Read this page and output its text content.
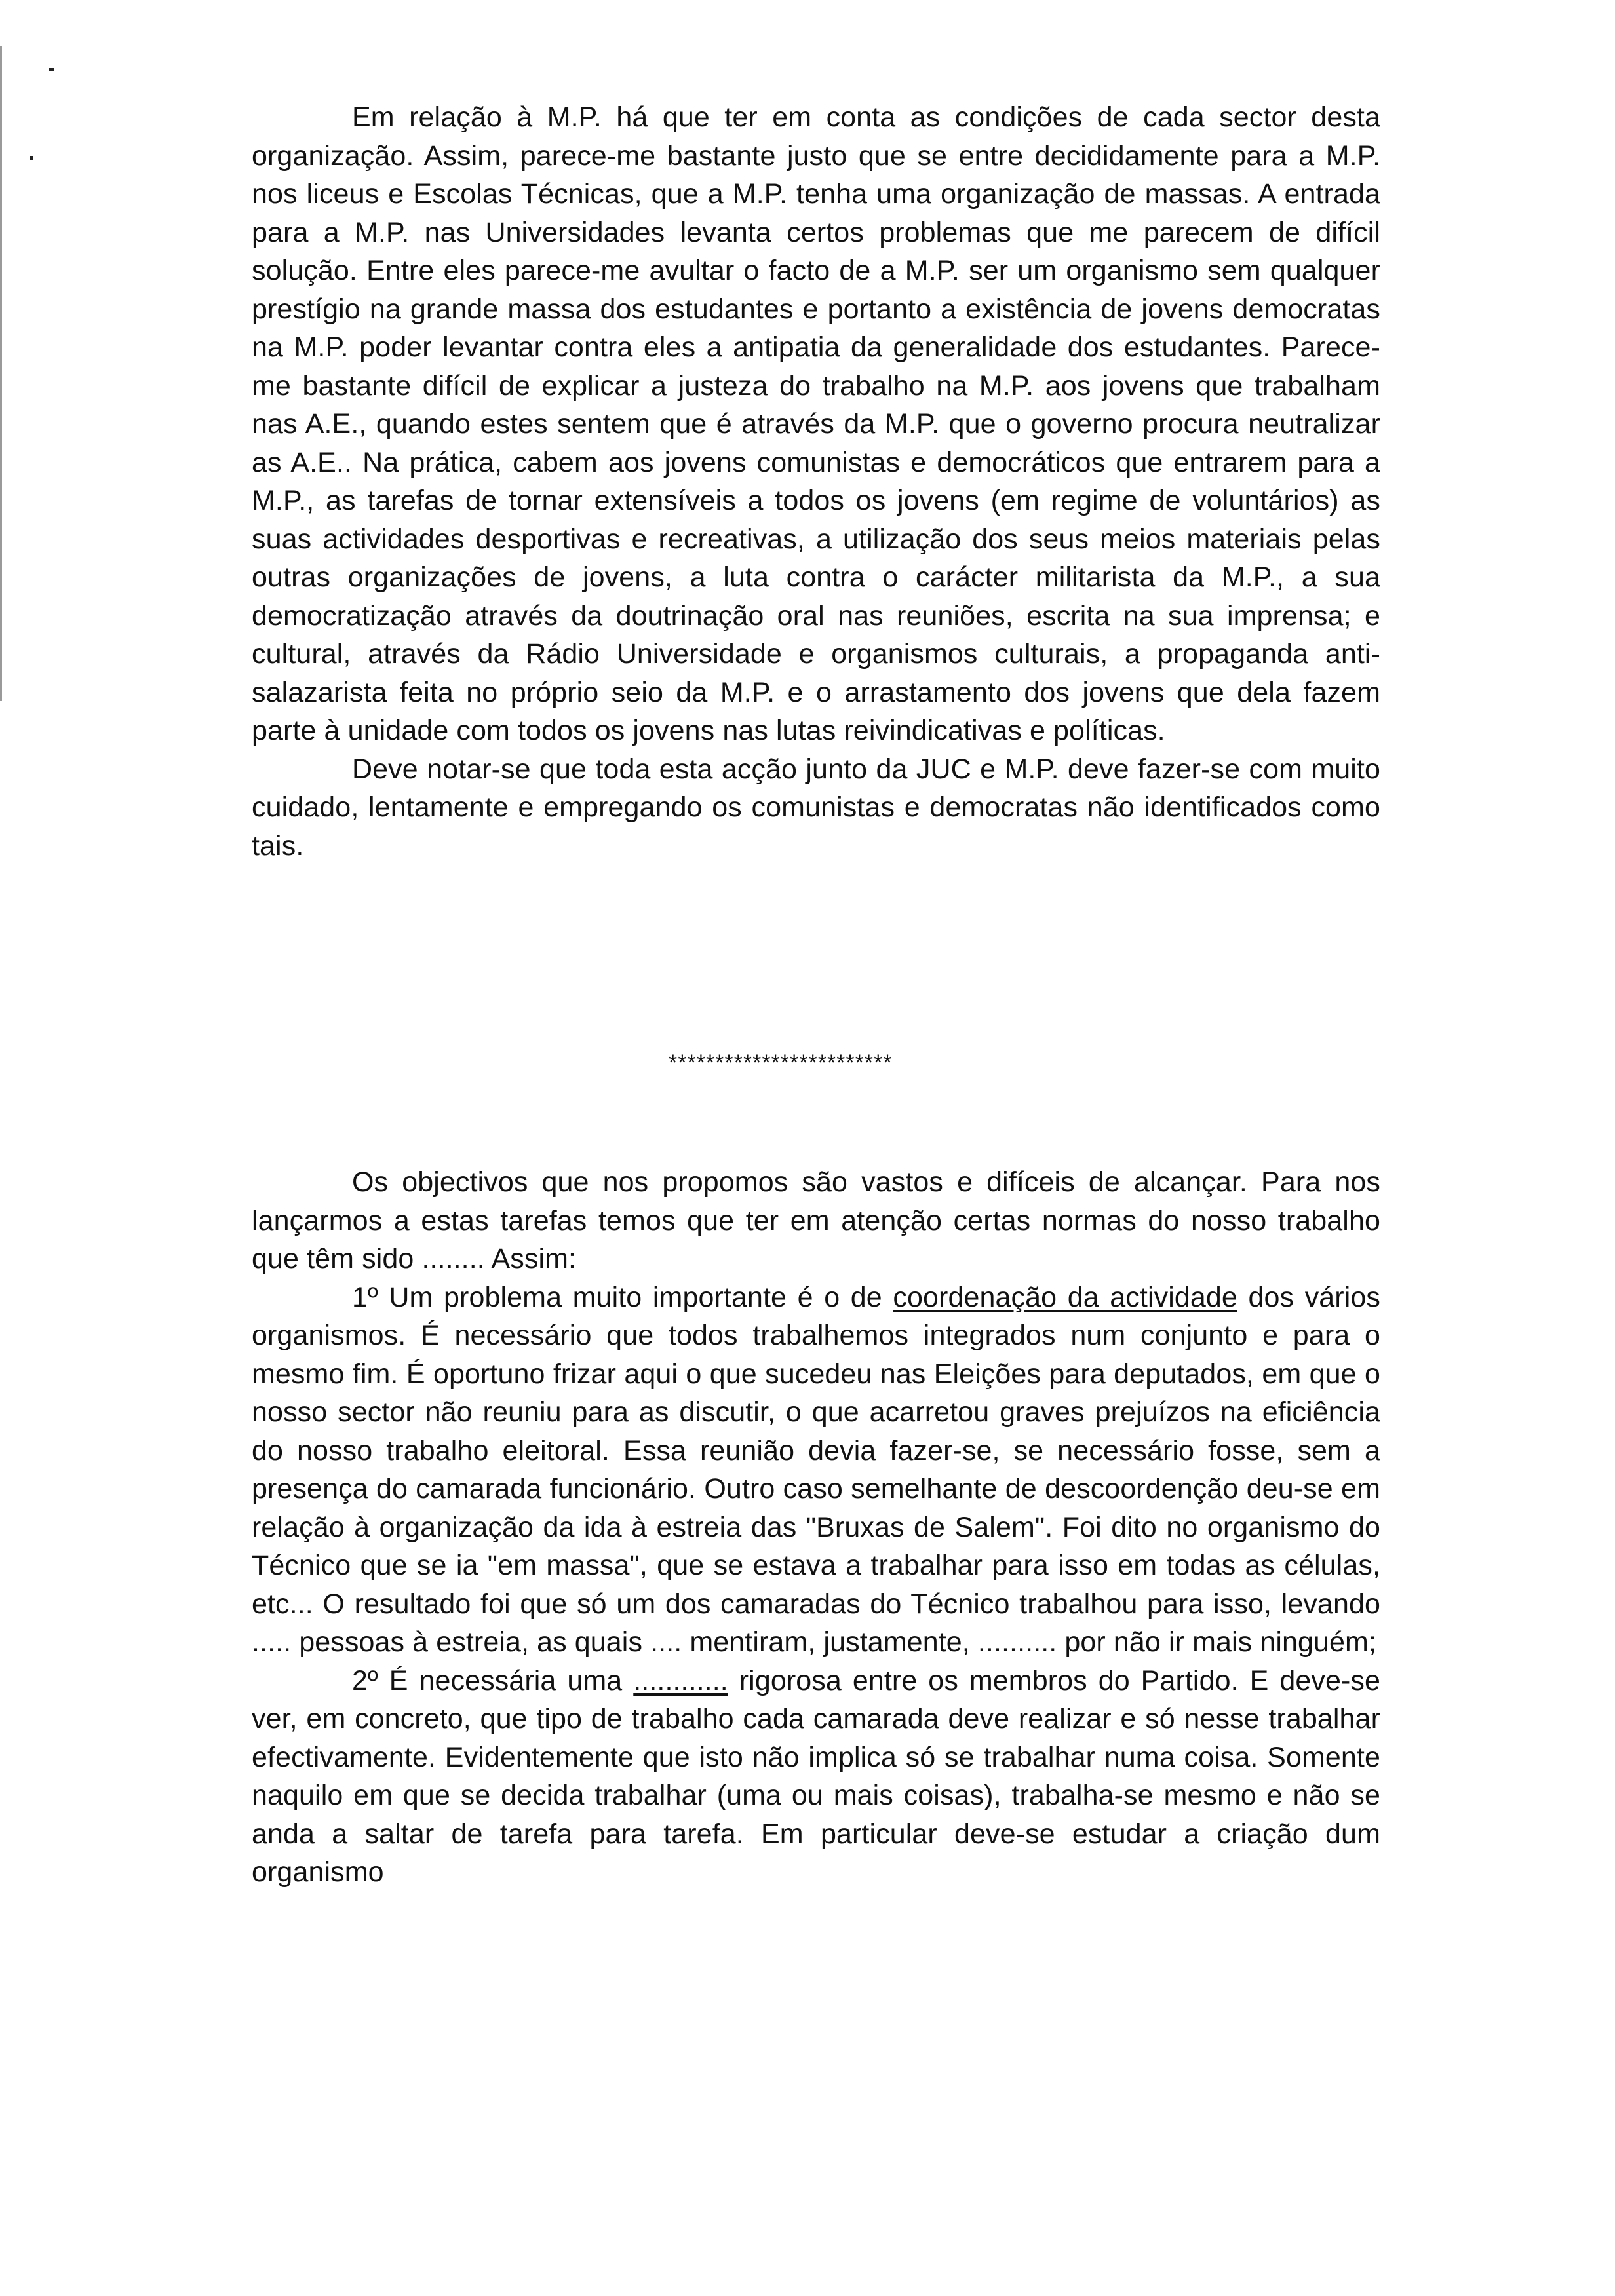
Em relação à M.P. há que ter em conta as condições de cada sector desta organização. Assim, parece-me bastante justo que se entre decididamente para a M.P. nos liceus e Escolas Técnicas, que a M.P. tenha uma organização de massas. A entrada para a M.P. nas Universidades levanta certos problemas que me parecem de difícil solução. Entre eles parece-me avultar o facto de a M.P. ser um organismo sem qualquer prestígio na grande massa dos estudantes e portanto a existência de jovens democratas na M.P. poder levantar contra eles a antipatia da generalidade dos estudantes. Parece-me bastante difícil de explicar a justeza do trabalho na M.P. aos jovens que trabalham nas A.E., quando estes sentem que é através da M.P. que o governo procura neutralizar as A.E.. Na prática, cabem aos jovens comunistas e democráticos que entrarem para a M.P., as tarefas de tornar extensíveis a todos os jovens (em regime de voluntários) as suas actividades desportivas e recreativas, a utilização dos seus meios materiais pelas outras organizações de jovens, a luta contra o carácter militarista da M.P., a sua democratização através da doutrinação oral nas reuniões, escrita na sua imprensa; e cultural, através da Rádio Universidade e organismos culturais, a propaganda anti-salazarista feita no próprio seio da M.P. e o arrastamento dos jovens que dela fazem parte à unidade com todos os jovens nas lutas reivindicativas e políticas.

Deve notar-se que toda esta acção junto da JUC e M.P. deve fazer-se com muito cuidado, lentamente e empregando os comunistas e democratas não identificados como tais.

************************

Os objectivos que nos propomos são vastos e difíceis de alcançar. Para nos lançarmos a estas tarefas temos que ter em atenção certas normas do nosso trabalho que têm sido ........ Assim:

1º Um problema muito importante é o de coordenação da actividade dos vários organismos. É necessário que todos trabalhemos integrados num conjunto e para o mesmo fim. É oportuno frizar aqui o que sucedeu nas Eleições para deputados, em que o nosso sector não reuniu para as discutir, o que acarretou graves prejuízos na eficiência do nosso trabalho eleitoral. Essa reunião devia fazer-se, se necessário fosse, sem a presença do camarada funcionário. Outro caso semelhante de descoordenção deu-se em relação à organização da ida à estreia das "Bruxas de Salem". Foi dito no organismo do Técnico que se ia "em massa", que se estava a trabalhar para isso em todas as células, etc... O resultado foi que só um dos camaradas do Técnico trabalhou para isso, levando ..... pessoas à estreia, as quais .... mentiram, justamente, .......... por não ir mais ninguém;

2º É necessária uma ............ rigorosa entre os membros do Partido. E deve-se ver, em concreto, que tipo de trabalho cada camarada deve realizar e só nesse trabalhar efectivamente. Evidentemente que isto não implica só se trabalhar numa coisa. Somente naquilo em que se decida trabalhar (uma ou mais coisas), trabalha-se mesmo e não se anda a saltar de tarefa para tarefa. Em particular deve-se estudar a criação dum organismo
